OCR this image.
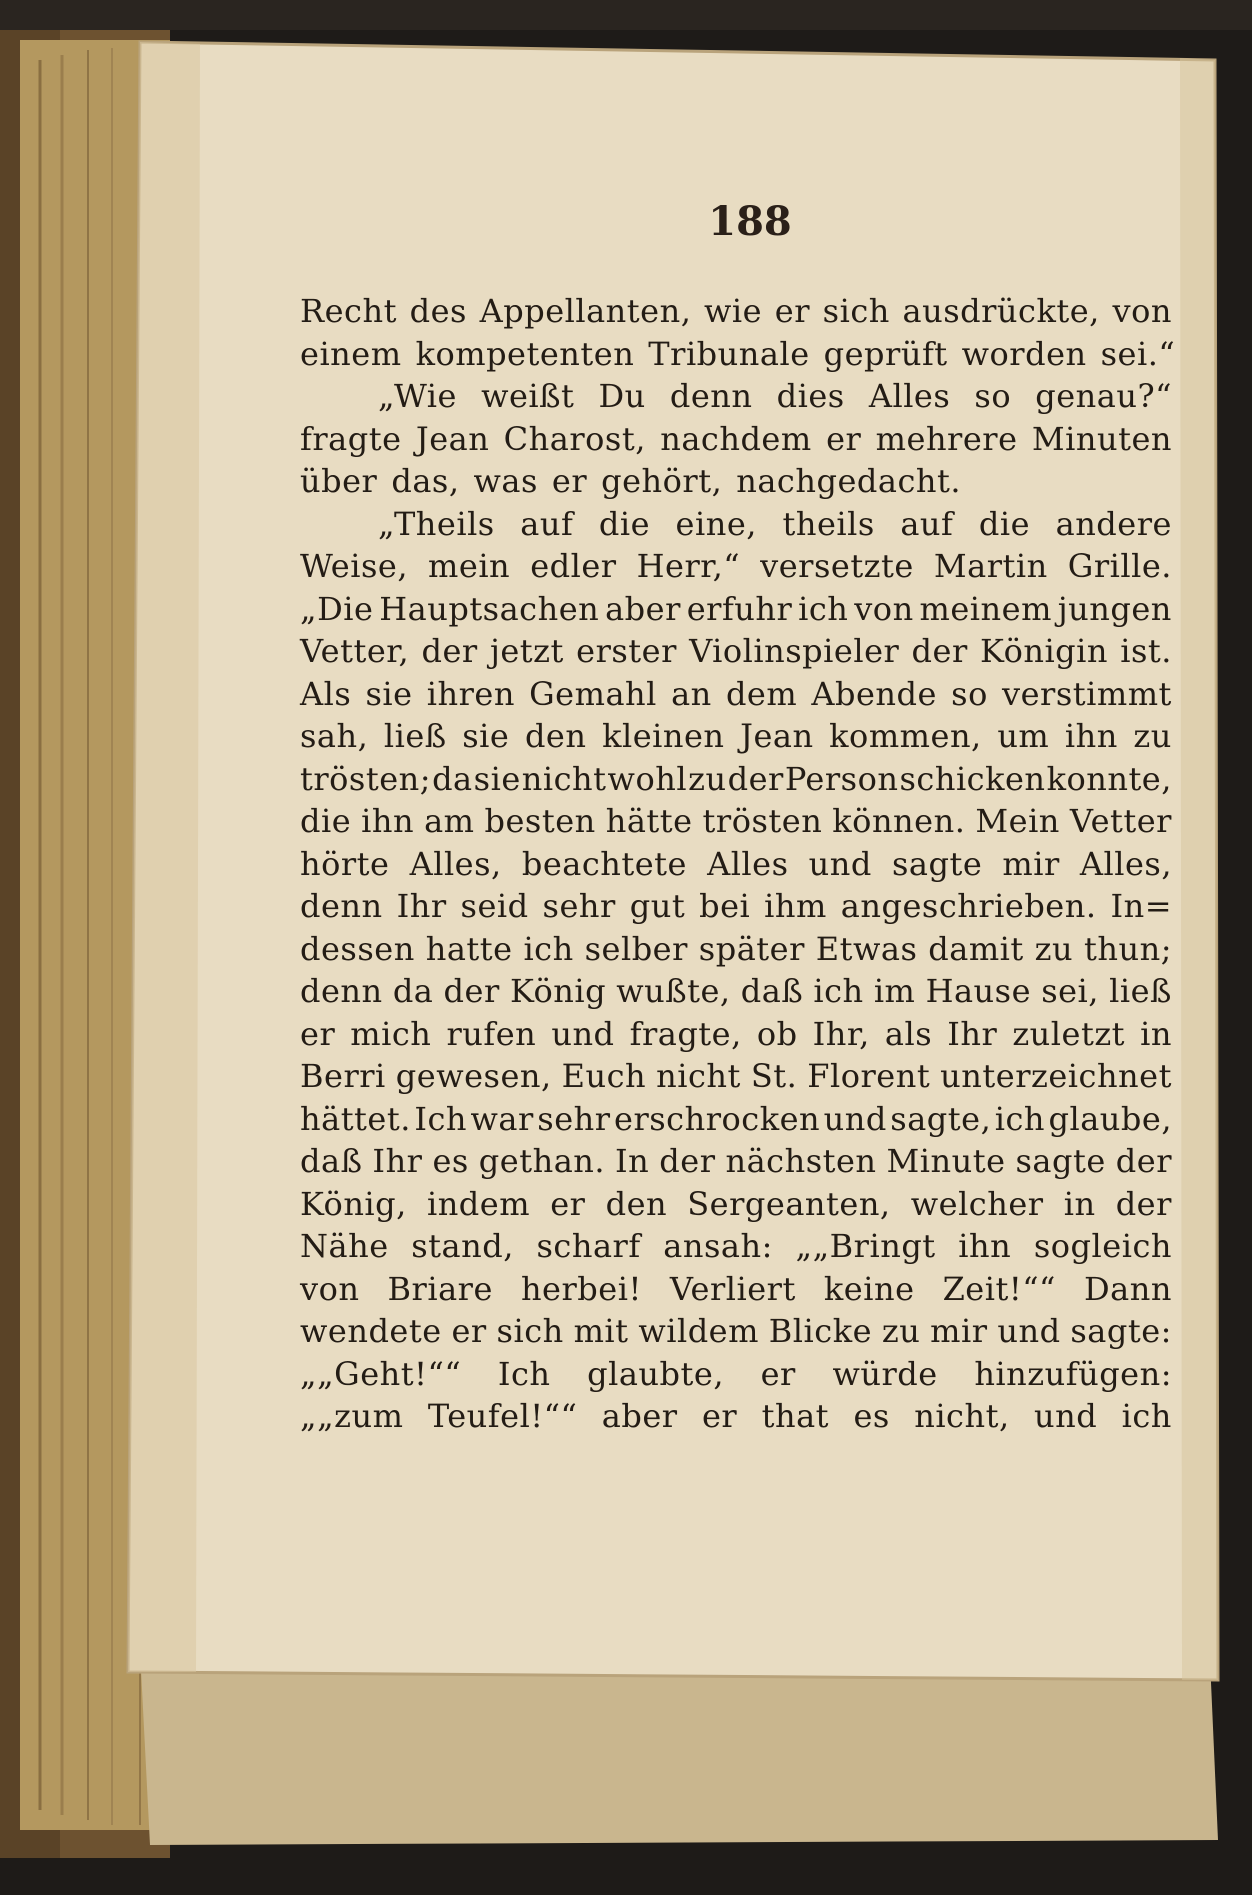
188
Recht des Appellanten, wie er sich ausdrückte, von
einem kompetenten Tribunale geprüft worden sei.“
„Wie weißt Du denn dies Alles so genau?“
fragte Jean Charost, nachdem er mehrere Minuten
über das, was er gehört, nachgedacht.
„Theils auf die eine, theils auf die andere
Weise, mein edler Herr,“ versetzte Martin Grille.
„Die Hauptsachen aber erfuhr ich von meinem jungen
Vetter, der jetzt erster Violinspieler der Königin ist.
Als sie ihren Gemahl an dem Abende so verstimmt
sah, ließ sie den kleinen Jean kommen, um ihn zu
trösten; da sie nicht wohl zu der Person schicken konnte,
die ihn am besten hätte trösten können. Mein Vetter
hörte Alles, beachtete Alles und sagte mir Alles,
denn Ihr seid sehr gut bei ihm angeschrieben. In=
dessen hatte ich selber später Etwas damit zu thun;
denn da der König wußte, daß ich im Hause sei, ließ
er mich rufen und fragte, ob Ihr, als Ihr zuletzt in
Berri gewesen, Euch nicht St. Florent unterzeichnet
hättet. Ich war sehr erschrocken und sagte, ich glaube,
daß Ihr es gethan. In der nächsten Minute sagte der
König, indem er den Sergeanten, welcher in der
Nähe stand, scharf ansah: „„Bringt ihn sogleich
von Briare herbei! Verliert keine Zeit!““ Dann
wendete er sich mit wildem Blicke zu mir und sagte:
„„Geht!““ Ich glaubte, er würde hinzufügen:
„„zum Teufel!““ aber er that es nicht, und ich
